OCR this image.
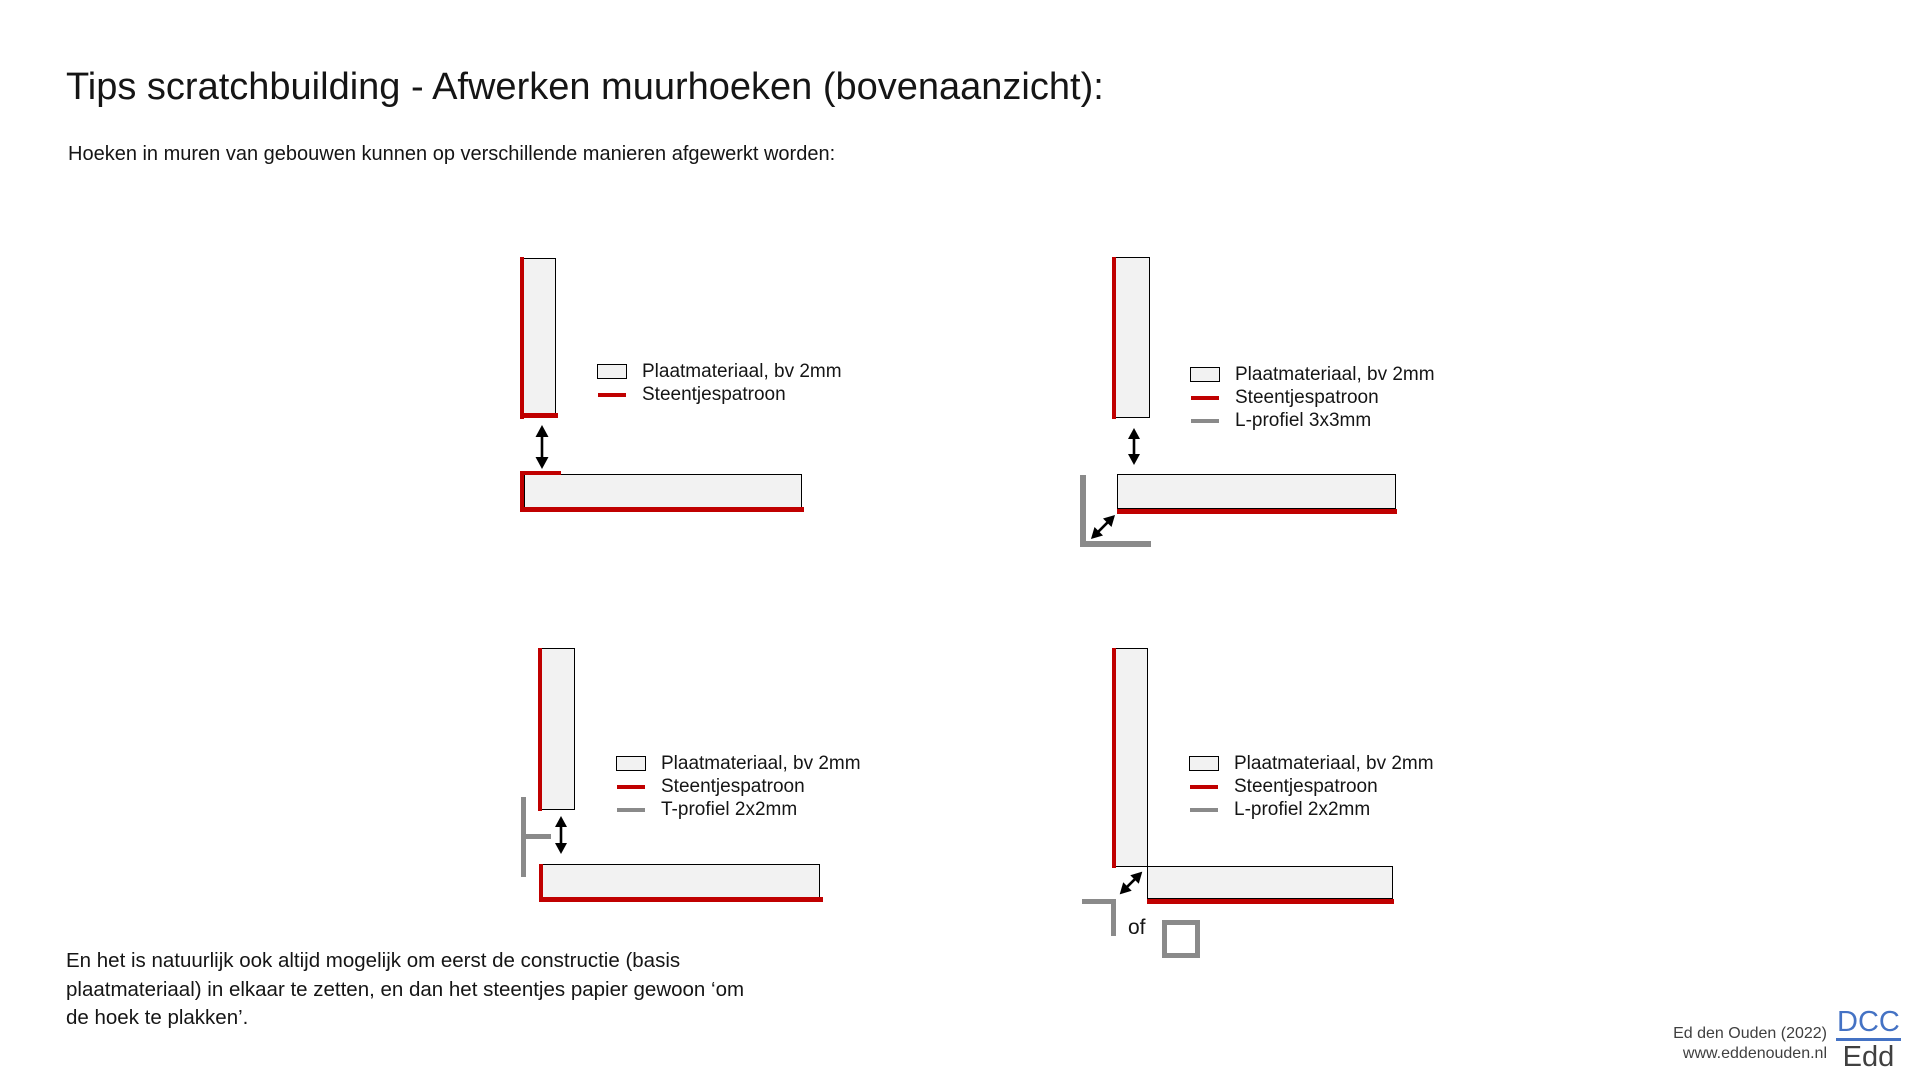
Tips scratchbuilding - Afwerken muurhoeken (bovenaanzicht):
Hoeken in muren van gebouwen kunnen op verschillende manieren afgewerkt worden:
Plaatmateriaal, bv 2mm
Steentjespatroon
Plaatmateriaal, bv 2mm
Steentjespatroon
L-profiel 3x3mm
Plaatmateriaal, bv 2mm
Steentjespatroon
T-profiel 2x2mm
of
Plaatmateriaal, bv 2mm
Steentjespatroon
L-profiel 2x2mm
En het is natuurlijk ook altijd mogelijk om eerst de constructie (basis
plaatmateriaal) in elkaar te zetten, en dan het steentjes papier gewoon ‘om
de hoek te plakken’.
Ed den Ouden (2022)
www.eddenouden.nl
DCC
Edd
